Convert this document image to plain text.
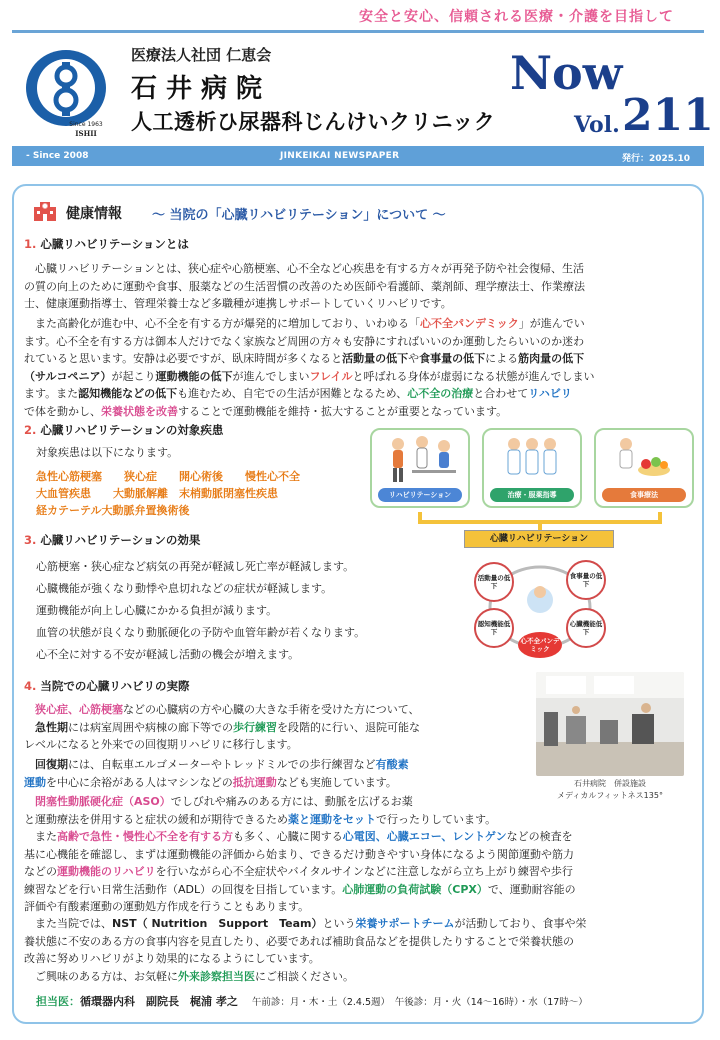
安全と安心、信頼される医療・介護を目指して
Since 1963
ISHII
医療法人社団 仁恵会
石井病院
人工透析ひ尿器科じんけいクリニック
Now
Vol. 211
- Since 2008	JINKEIKAI NEWSPAPER	発行：2025.10
健康情報 ～ 当院の「心臓リハビリテーション」について ～
1. 心臓リハビリテーションとは
　心臓リハビリテーションとは、狭心症や心筋梗塞、心不全など心疾患を有する方々が再発予防や社会復帰、生活
の質の向上のために運動や食事、服薬などの生活習慣の改善のため医師や看護師、薬剤師、理学療法士、作業療法
士、健康運動指導士、管理栄養士など多職種が連携しサポートしていくリハビリです。
　また高齢化が進む中、心不全を有する方が爆発的に増加しており、いわゆる「心不全パンデミック」が進んでい
ます。心不全を有する方は御本人だけでなく家族など周囲の方々も安静にすればいいのか運動したらいいのか迷わ
れていると思います。安静は必要ですが、臥床時間が多くなると活動量の低下や食事量の低下による筋肉量の低下
（サルコペニア）が起こり運動機能の低下が進んでしまいフレイルと呼ばれる身体が虚弱になる状態が進んでしまい
ます。また認知機能などの低下も進むため、自宅での生活が困難となるため、心不全の治療と合わせてリハビリ
で体を動かし、栄養状態を改善することで運動機能を維持・拡大することが重要となっています。
2. 心臓リハビリテーションの対象疾患
対象疾患は以下になります。
急性心筋梗塞　　狭心症　　開心術後　　慢性心不全
大血管疾患　　大動脈解離　末梢動脈閉塞性疾患
経カテーテル大動脈弁置換術後
3. 心臓リハビリテーションの効果
心筋梗塞・狭心症など病気の再発が軽減し死亡率が軽減します。
心臓機能が強くなり動悸や息切れなどの症状が軽減します。
運動機能が向上し心臓にかかる負担が減ります。
血管の状態が良くなり動脈硬化の予防や血管年齢が若くなります。
心不全に対する不安が軽減し活動の機会が増えます。
リハビリテーション	治療・服薬指導	食事療法
心臓リハビリテーション
活動量の低下
食事量の低下
認知機能低下
心臓機能低下
心不全パンデミック
4. 当院での心臓リハビリの実際
石井病院　併設施設
メディカルフィットネス135°
　狭心症、心筋梗塞などの心臓病の方や心臓の大きな手術を受けた方について、
　急性期には病室周囲や病棟の廊下等での歩行練習を段階的に行い、退院可能な
レベルになると外来での回復期リハビリに移行します。
　回復期には、自転車エルゴメーターやトレッドミルでの歩行練習など有酸素
運動を中心に余裕がある人はマシンなどの抵抗運動なども実施しています。
　閉塞性動脈硬化症（ASO）でしびれや痛みのある方には、動脈を広げるお薬
と運動療法を併用すると症状の緩和が期待できるため薬と運動をセットで行ったりしています。
　また高齢で急性・慢性心不全を有する方も多く、心臓に関する心電図、心臓エコー、レントゲンなどの検査を
基に心機能を確認し、まずは運動機能の評価から始まり、できるだけ動きやすい身体になるよう関節運動や筋力
などの運動機能のリハビリを行いながら心不全症状やバイタルサインなどに注意しながら立ち上がり練習や歩行
練習などを行い日常生活動作（ADL）の回復を目指しています。心肺運動の負荷試験（CPX）で、運動耐容能の
評価や有酸素運動の運動処方作成を行うこともあります。
　また当院では、NST（ Nutrition　Support　Team）という栄養サポートチームが活動しており、食事や栄
養状態に不安のある方の食事内容を見直したり、必要であれば補助食品などを提供したりすることで栄養状態の
改善に努めリハビリがより効果的になるようにしています。
　ご興味のある方は、お気軽に外来診察担当医にご相談ください。
担当医：循環器内科　副院長　梶浦 孝之 午前診：月・木・土（2.4.5週）　午後診：月・火（14～16時）・水（17時～）
